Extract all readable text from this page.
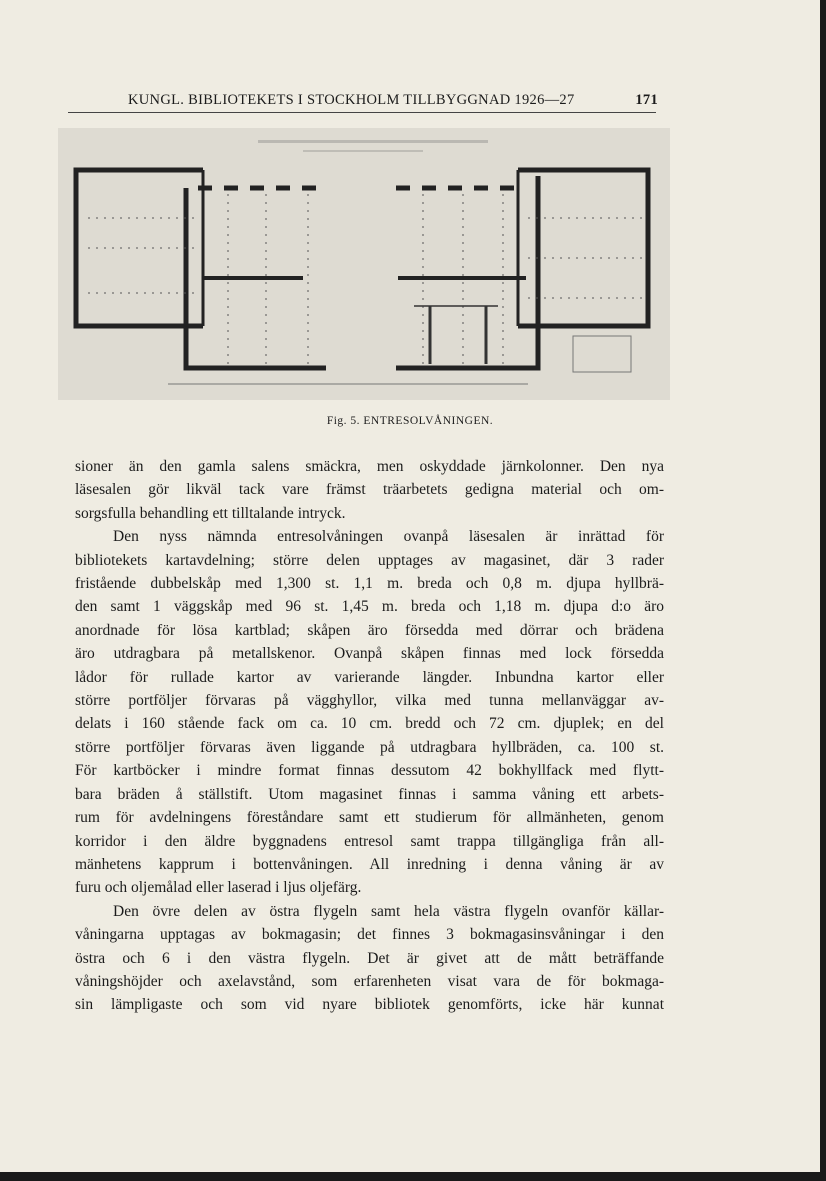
KUNGL. BIBLIOTEKETS I STOCKHOLM TILLBYGGNAD 1926—27	171
Fig. 5. ENTRESOLVÅNINGEN.

sioner än den gamla salens smäckra, men oskyddade järnkolonner. Den nya
läsesalen gör likväl tack vare främst träarbetets gedigna material och om-

sorgsfulla behandling ett tilltalande intryck.

Den nyss nämnda entresolvåningen ovanpå läsesalen är inrättad för

bibliotekets kartavdelning; större delen upptages av magasinet, där 3 rader
fristående dubbelskåp med 1,300 st. 1,1 m. breda och 0,8 m. djupa hyllbrä-
den samt 1 väggskåp med 96 st. 1,45 m. breda och 1,18 m. djupa d:o äro
anordnade för lösa kartblad; skåpen äro försedda med dörrar och brädena
äro utdragbara på metallskenor. Ovanpå skåpen finnas med lock försedda
lådor för rullade kartor av varierande längder. Inbundna kartor eller
större portföljer förvaras på vägghyllor, vilka med tunna mellanväggar av-
delats i 160 stående fack om ca. 10 cm. bredd och 72 cm. djuplek; en del
större portföljer förvaras även liggande på utdragbara hyllbräden, ca. 100 st.
För kartböcker i mindre format finnas dessutom 42 bokhyllfack med flytt-
bara bräden å ställstift. Utom magasinet finnas i samma våning ett arbets-
rum för avdelningens föreståndare samt ett studierum för allmänheten, genom
korridor i den äldre byggnadens entresol samt trappa tillgängliga från all-
mänhetens kapprum i bottenvåningen. All inredning i denna våning är av

furu och oljemålad eller laserad i ljus oljefärg.

Den övre delen av östra flygeln samt hela västra flygeln ovanför källar-

våningarna upptagas av bokmagasin; det finnes 3 bokmagasinsvåningar i den
östra och 6 i den västra flygeln. Det är givet att de mått beträffande
våningshöjder och axelavstånd, som erfarenheten visat vara de för bokmaga-
sin lämpligaste och som vid nyare bibliotek genomförts, icke här kunnat
